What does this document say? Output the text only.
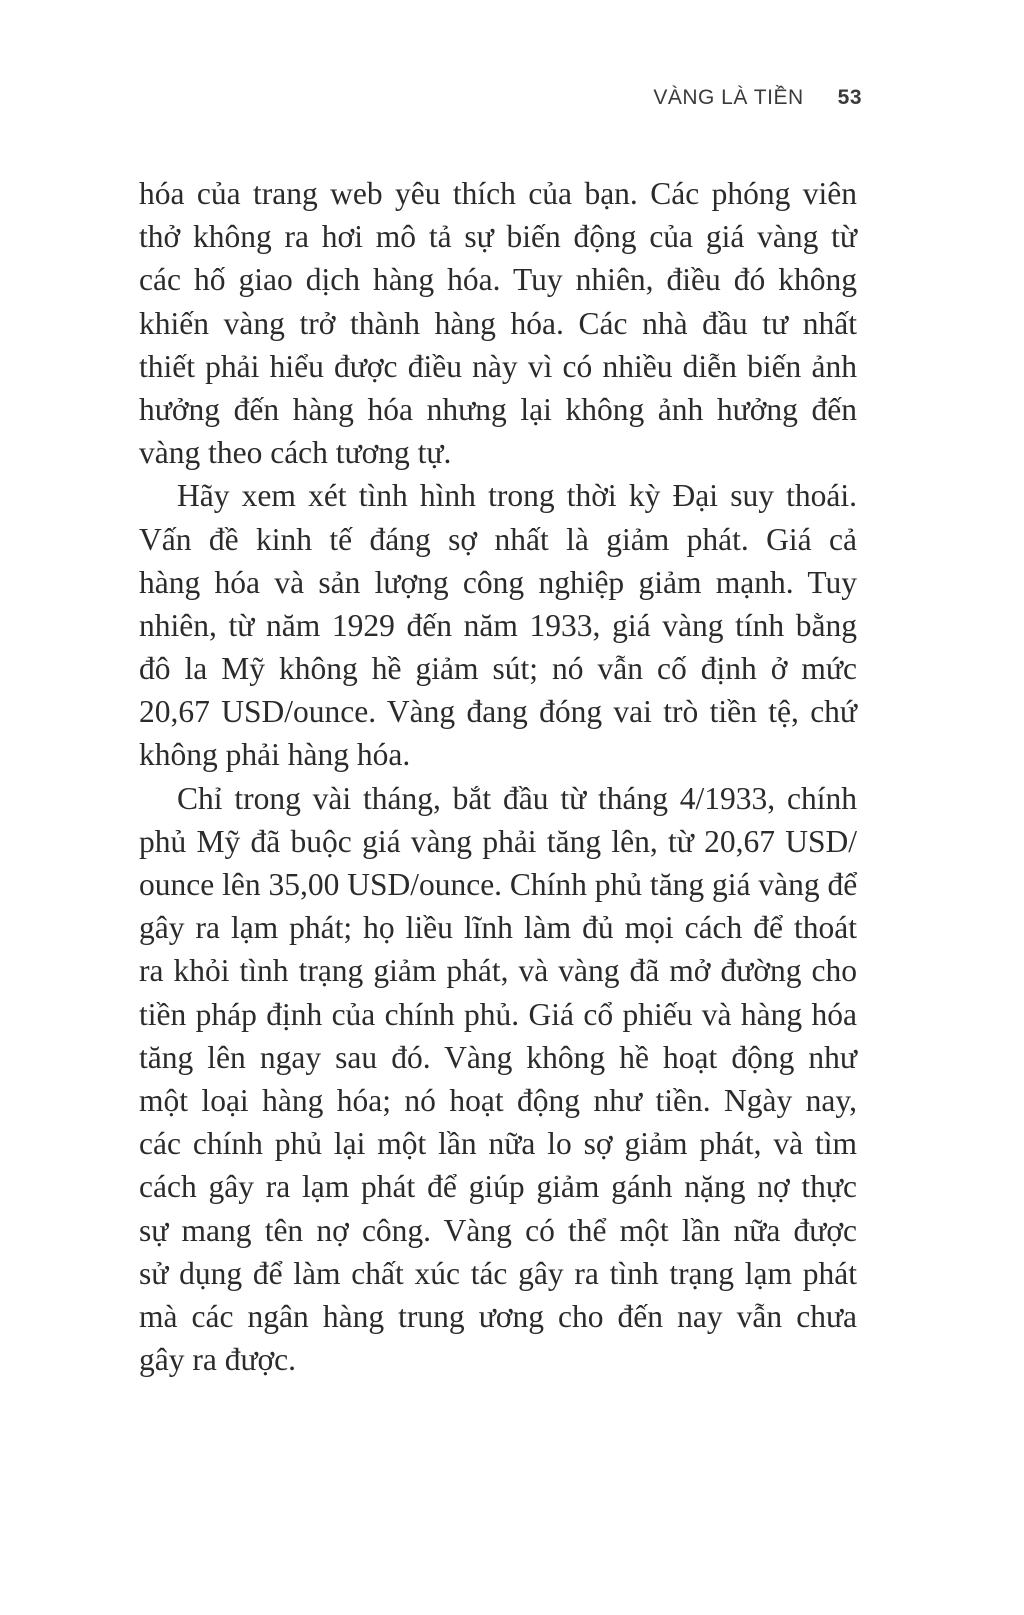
VÀNG LÀ TIỀN 53
hóa của trang web yêu thích của bạn. Các phóng viên
thở không ra hơi mô tả sự biến động của giá vàng từ
các hố giao dịch hàng hóa. Tuy nhiên, điều đó không
khiến vàng trở thành hàng hóa. Các nhà đầu tư nhất
thiết phải hiểu được điều này vì có nhiều diễn biến ảnh
hưởng đến hàng hóa nhưng lại không ảnh hưởng đến
vàng theo cách tương tự.
Hãy xem xét tình hình trong thời kỳ Đại suy thoái.
Vấn đề kinh tế đáng sợ nhất là giảm phát. Giá cả
hàng hóa và sản lượng công nghiệp giảm mạnh. Tuy
nhiên, từ năm 1929 đến năm 1933, giá vàng tính bằng
đô la Mỹ không hề giảm sút; nó vẫn cố định ở mức
20,67 USD/ounce. Vàng đang đóng vai trò tiền tệ, chứ
không phải hàng hóa.
Chỉ trong vài tháng, bắt đầu từ tháng 4/1933, chính
phủ Mỹ đã buộc giá vàng phải tăng lên, từ 20,67 USD/
ounce lên 35,00 USD/ounce. Chính phủ tăng giá vàng để
gây ra lạm phát; họ liều lĩnh làm đủ mọi cách để thoát
ra khỏi tình trạng giảm phát, và vàng đã mở đường cho
tiền pháp định của chính phủ. Giá cổ phiếu và hàng hóa
tăng lên ngay sau đó. Vàng không hề hoạt động như
một loại hàng hóa; nó hoạt động như tiền. Ngày nay,
các chính phủ lại một lần nữa lo sợ giảm phát, và tìm
cách gây ra lạm phát để giúp giảm gánh nặng nợ thực
sự mang tên nợ công. Vàng có thể một lần nữa được
sử dụng để làm chất xúc tác gây ra tình trạng lạm phát
mà các ngân hàng trung ương cho đến nay vẫn chưa
gây ra được.
